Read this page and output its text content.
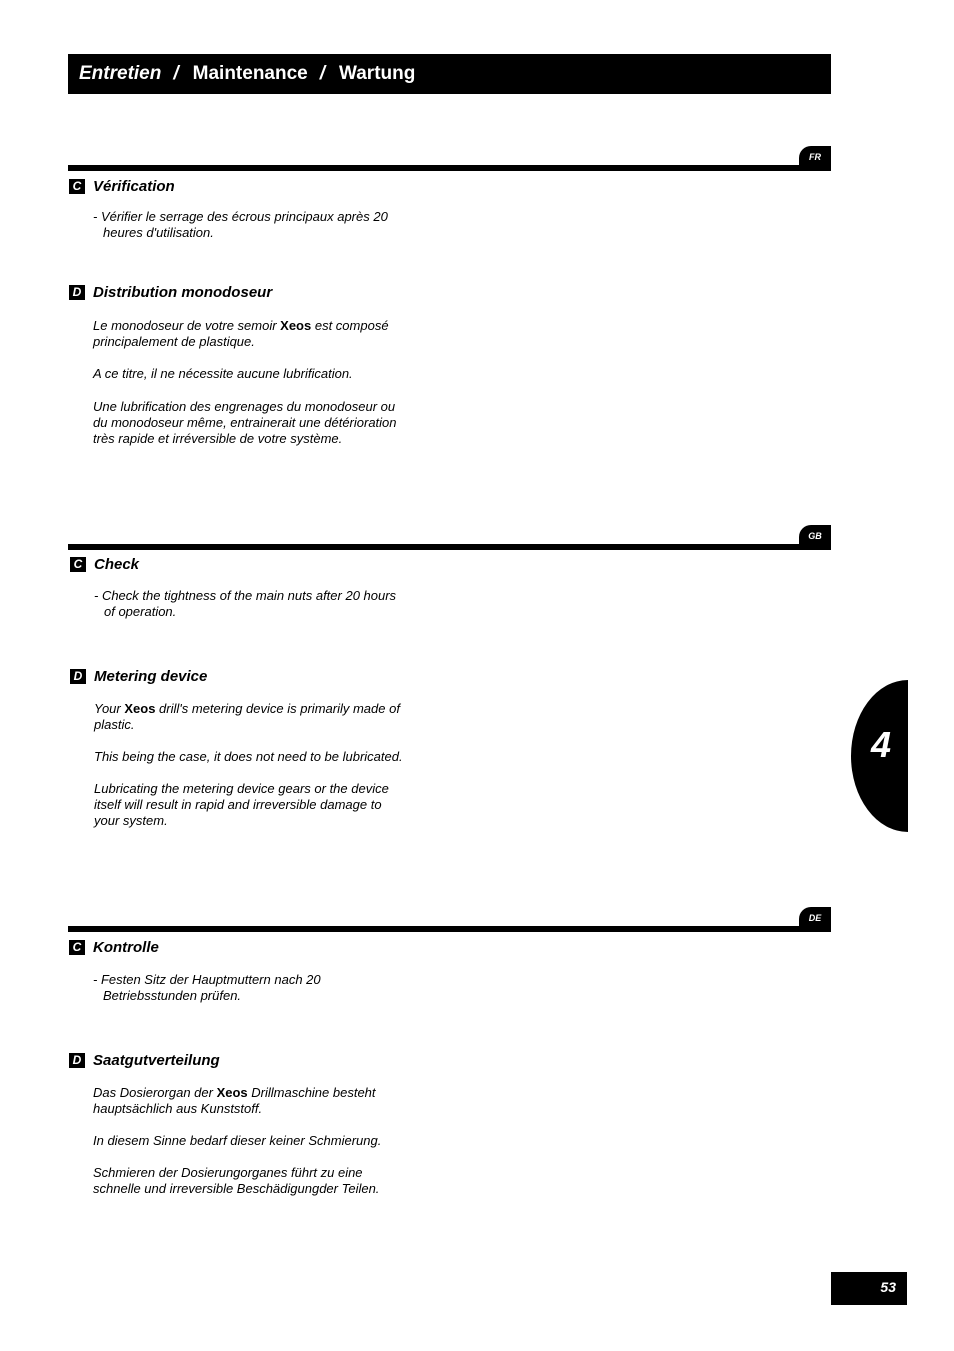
Entretien / Maintenance / Wartung
FR
C Vérification
- Vérifier le serrage des écrous principaux après 20
heures d'utilisation.
D Distribution monodoseur
Le monodoseur de votre semoir Xeos est composé
principalement de plastique.
A ce titre, il ne nécessite aucune lubrification.
Une lubrification des engrenages du monodoseur ou
du monodoseur même, entrainerait une détérioration
très rapide et irréversible de votre système.
GB
C Check
- Check the tightness of the main nuts after 20 hours
of operation.
D Metering device
Your Xeos drill's metering device is primarily made of
plastic.
This being the case, it does not need to be lubricated.
Lubricating the metering device gears or the device
itself will result in rapid and irreversible damage to
your system.
DE
C Kontrolle
- Festen Sitz der Hauptmuttern nach 20
Betriebsstunden prüfen.
D Saatgutverteilung
Das Dosierorgan der Xeos Drillmaschine besteht
hauptsächlich aus Kunststoff.
In diesem Sinne bedarf dieser keiner Schmierung.
Schmieren der Dosierungorganes führt zu eine
schnelle und irreversible Beschädigungder Teilen.
4
53
